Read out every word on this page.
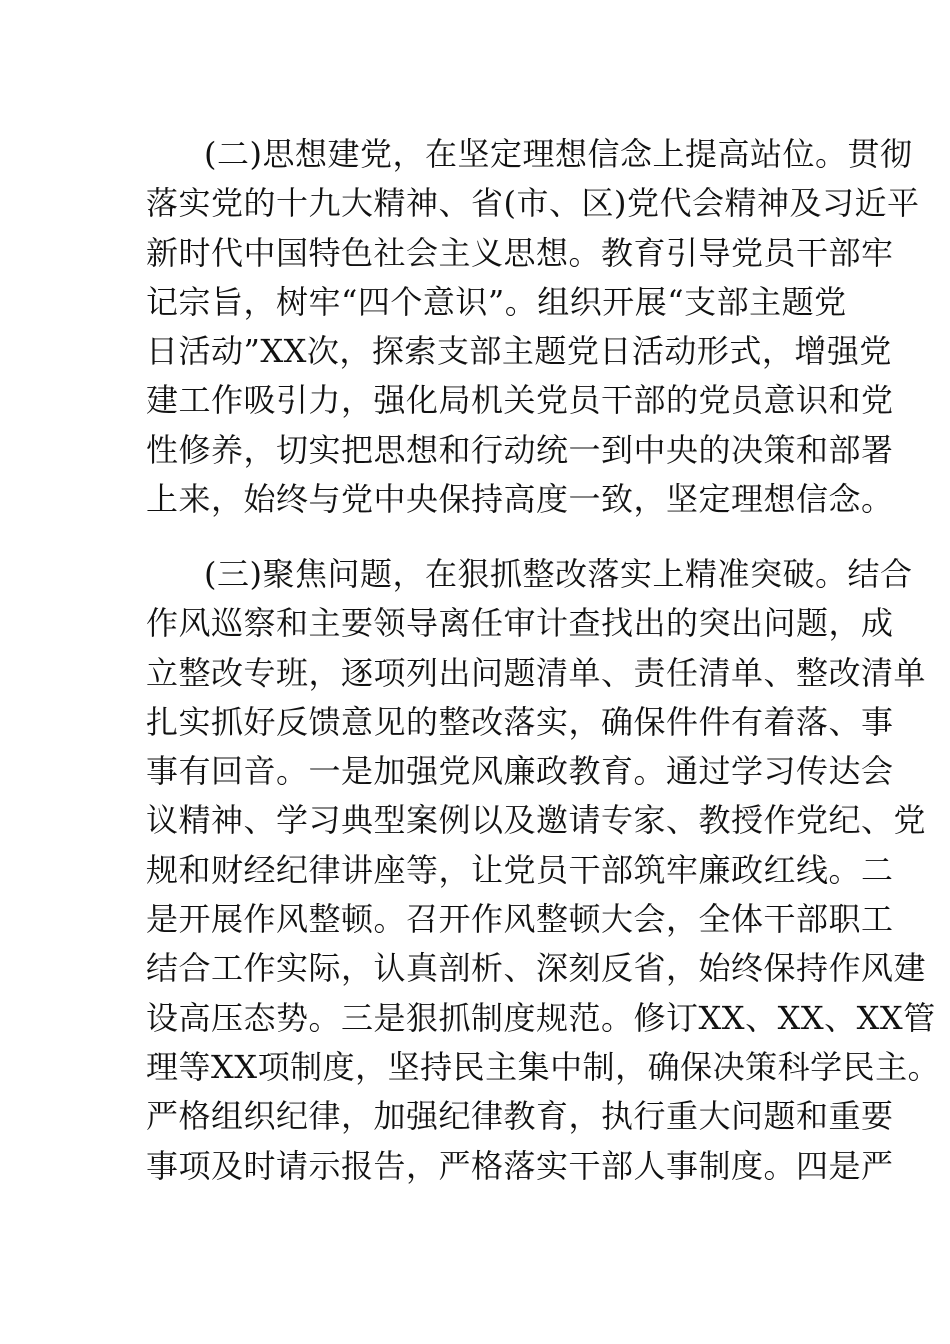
(二)思想建党，在坚定理想信念上提高站位。贯彻
落实党的十九大精神、省(市、区)党代会精神及习近平
新时代中国特色社会主义思想。教育引导党员干部牢
记宗旨，树牢“四个意识”。组织开展“支部主题党
日活动”XX次，探索支部主题党日活动形式，增强党
建工作吸引力，强化局机关党员干部的党员意识和党
性修养，切实把思想和行动统一到中央的决策和部署
上来，始终与党中央保持高度一致，坚定理想信念。
(三)聚焦问题，在狠抓整改落实上精准突破。结合
作风巡察和主要领导离任审计查找出的突出问题，成
立整改专班，逐项列出问题清单、责任清单、整改清单
扎实抓好反馈意见的整改落实，确保件件有着落、事
事有回音。一是加强党风廉政教育。通过学习传达会
议精神、学习典型案例以及邀请专家、教授作党纪、党
规和财经纪律讲座等，让党员干部筑牢廉政红线。二
是开展作风整顿。召开作风整顿大会，全体干部职工
结合工作实际，认真剖析、深刻反省，始终保持作风建
设高压态势。三是狠抓制度规范。修订XX、XX、XX管
理等XX项制度，坚持民主集中制，确保决策科学民主。
严格组织纪律，加强纪律教育，执行重大问题和重要
事项及时请示报告，严格落实干部人事制度。四是严
